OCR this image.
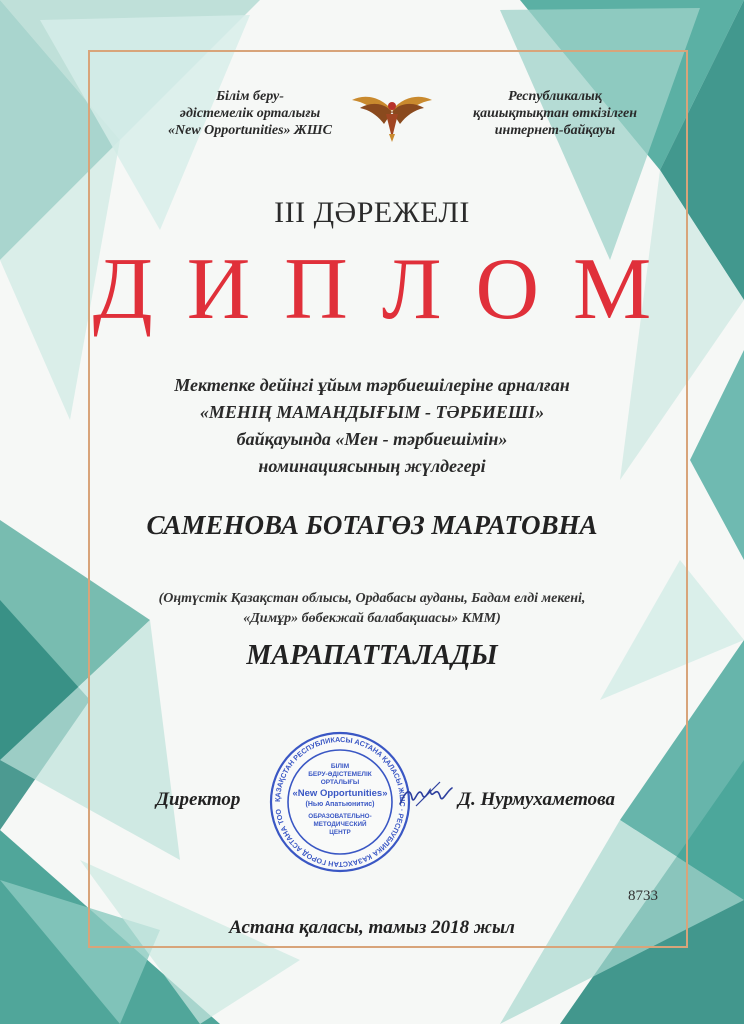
Білім беру-
әдістемелік орталығы
«New Opportunities» ЖШС
Республикалық
қашықтықтан өткізілген
интернет-байқауы
III ДӘРЕЖЕЛІ
ДИПЛОМ
Мектепке дейінгі ұйым тәрбиешілеріне арналған
«МЕНІҢ МАМАНДЫҒЫМ - ТӘРБИЕШІ»
байқауында «Мен - тәрбиешімін»
номинациясының жүлдегері
САМЕНОВА БОТАГӨЗ МАРАТОВНА
(Оңтүстік Қазақстан облысы, Ордабасы ауданы, Бадам елді мекені,
«Димұр» бөбекжай балабақшасы» КММ)
МАРАПАТТАЛАДЫ
Директор	ҚАЗАҚСТАН РЕСПУБЛИКАСЫ АСТАНА ҚАЛАСЫ ЖШС · РЕСПУБЛИКА КАЗАХСТАН ГОРОД АСТАНА ТОО
БІЛІМ
БЕРУ-ӘДІСТЕМЕЛІК
ОРТАЛЫҒЫ
«New Opportunities»
(Нью Апатьюнитис)
ОБРАЗОВАТЕЛЬНО-
МЕТОДИЧЕСКИЙ
ЦЕНТР
Д. Нурмухаметова
8733
Астана қаласы, тамыз 2018 жыл
